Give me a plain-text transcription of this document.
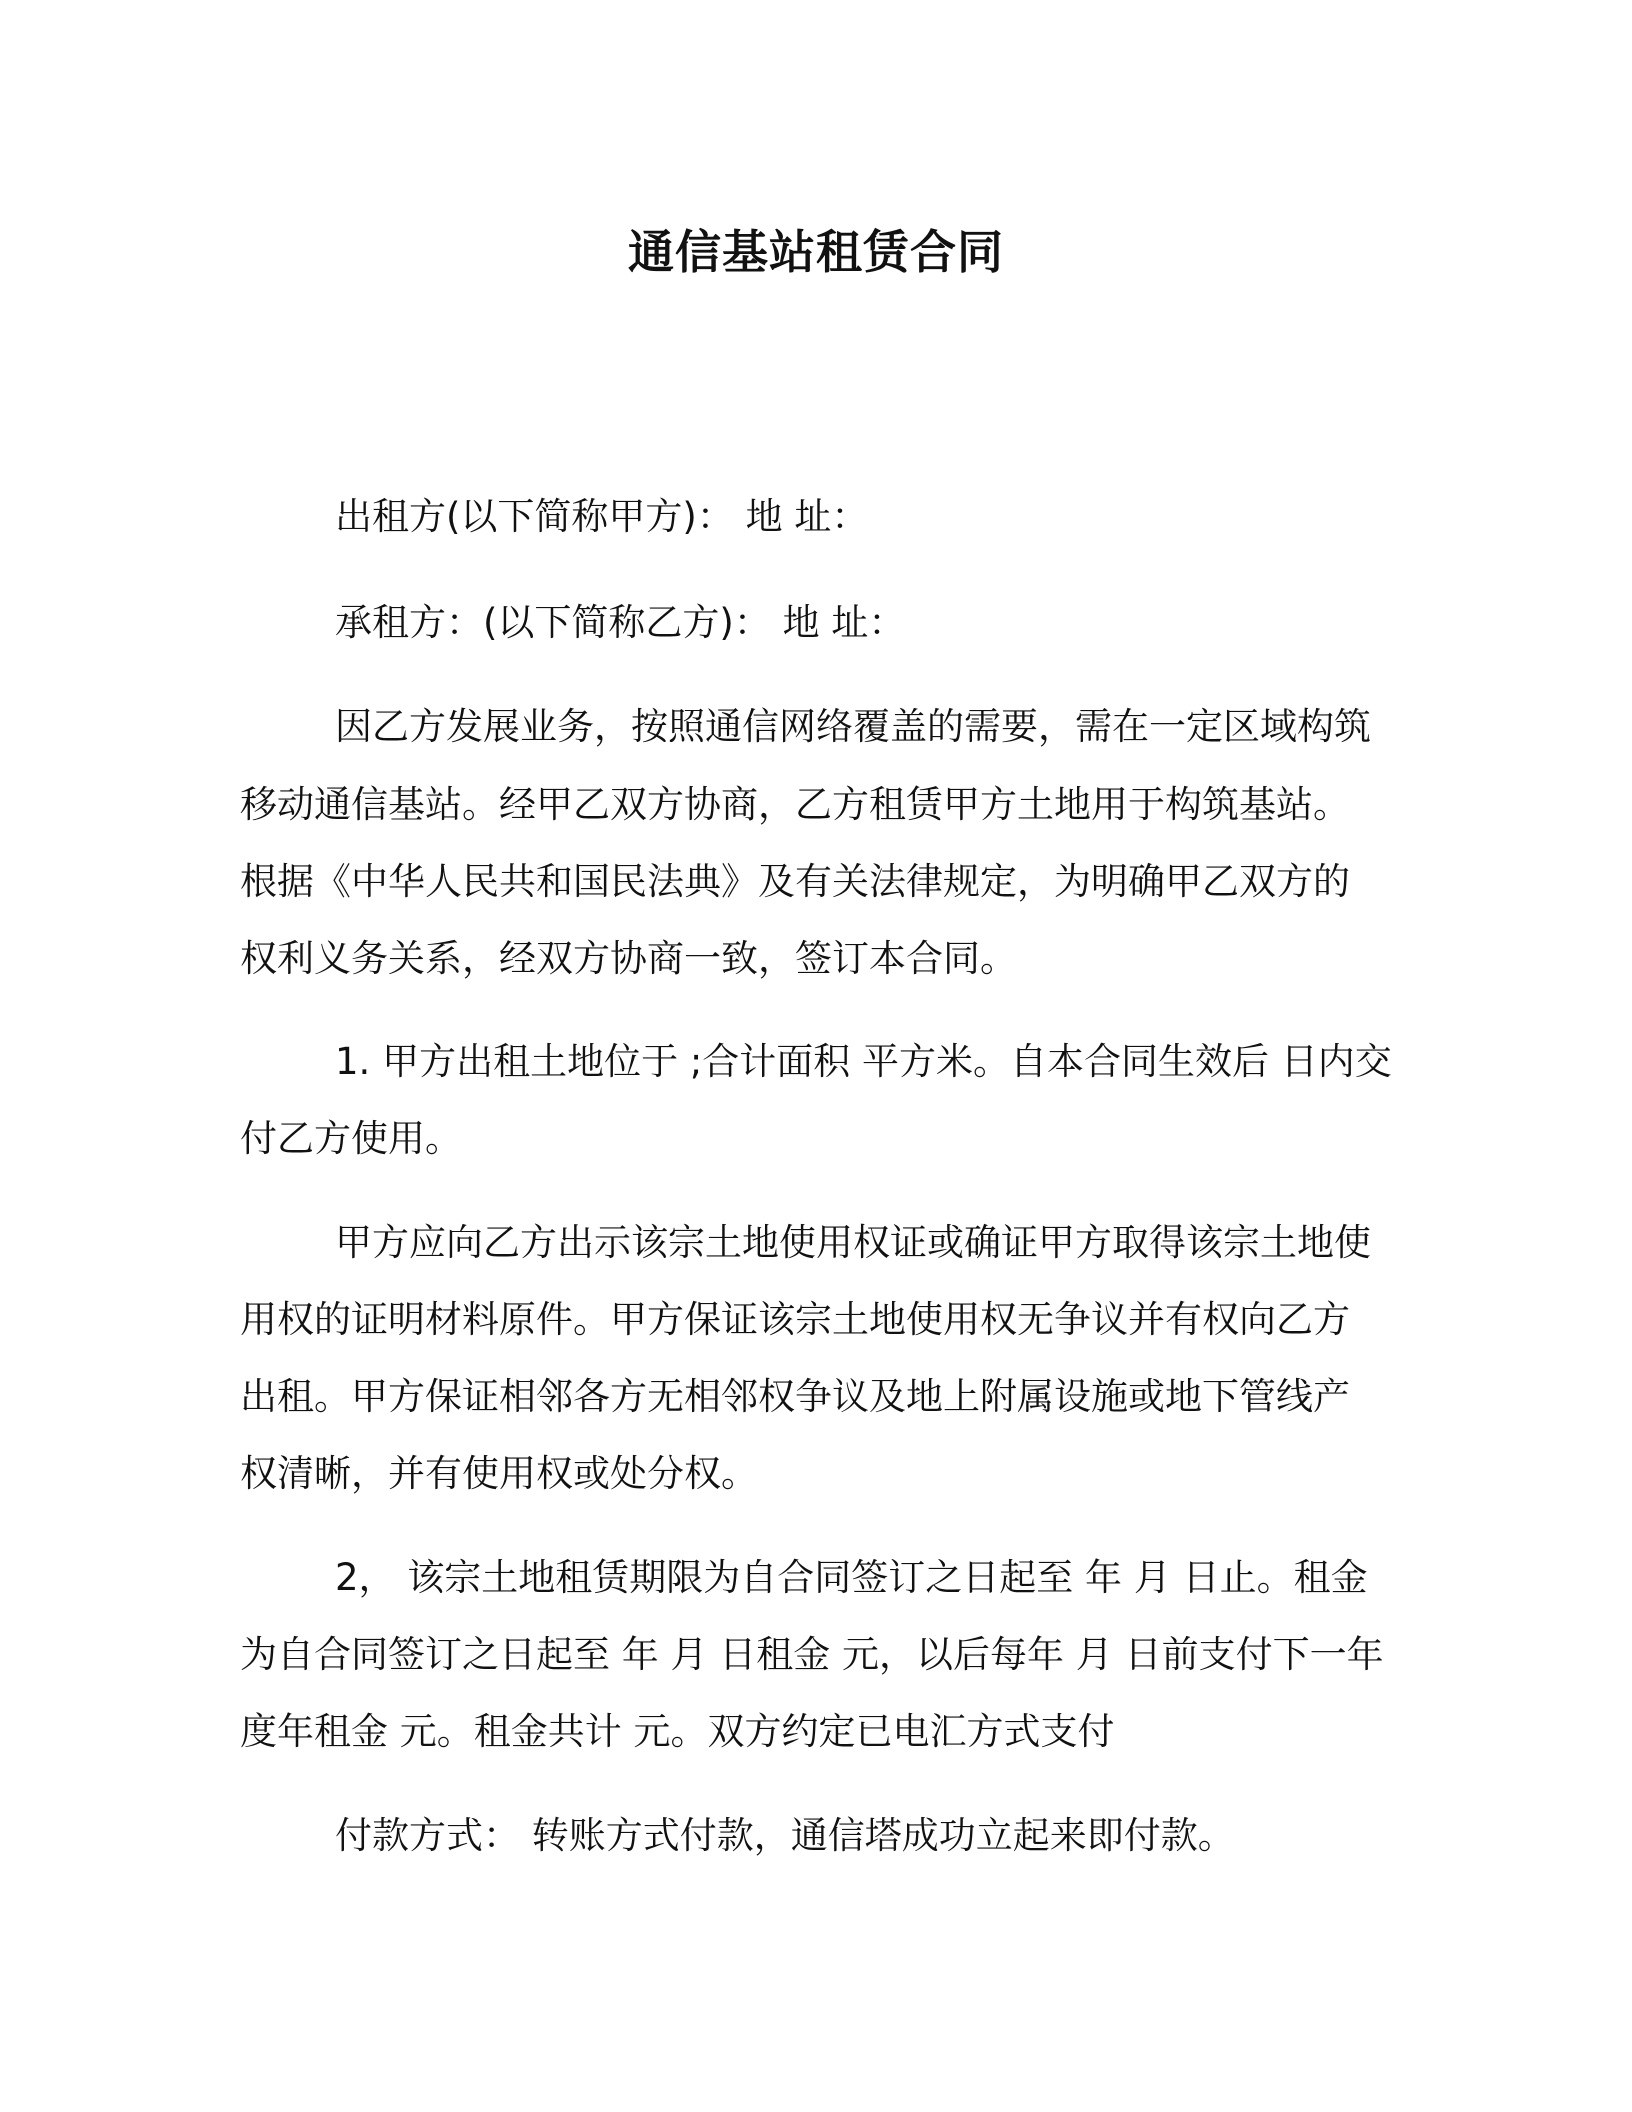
通信基站租赁合同
出租方(以下简称甲方)： 地 址：
承租方：(以下简称乙方)： 地 址：
因乙方发展业务，按照通信网络覆盖的需要，需在一定区域构筑
移动通信基站。经甲乙双方协商，乙方租赁甲方土地用于构筑基站。
根据《中华人民共和国民法典》及有关法律规定，为明确甲乙双方的
权利义务关系，经双方协商一致，签订本合同。
1. 甲方出租土地位于 ;合计面积 平方米。自本合同生效后 日内交
付乙方使用。
甲方应向乙方出示该宗土地使用权证或确证甲方取得该宗土地使
用权的证明材料原件。甲方保证该宗土地使用权无争议并有权向乙方
出租。甲方保证相邻各方无相邻权争议及地上附属设施或地下管线产
权清晰，并有使用权或处分权。
2， 该宗土地租赁期限为自合同签订之日起至 年 月 日止。租金
为自合同签订之日起至 年 月 日租金 元，以后每年 月 日前支付下一年
度年租金 元。租金共计 元。双方约定已电汇方式支付
付款方式： 转账方式付款，通信塔成功立起来即付款。
